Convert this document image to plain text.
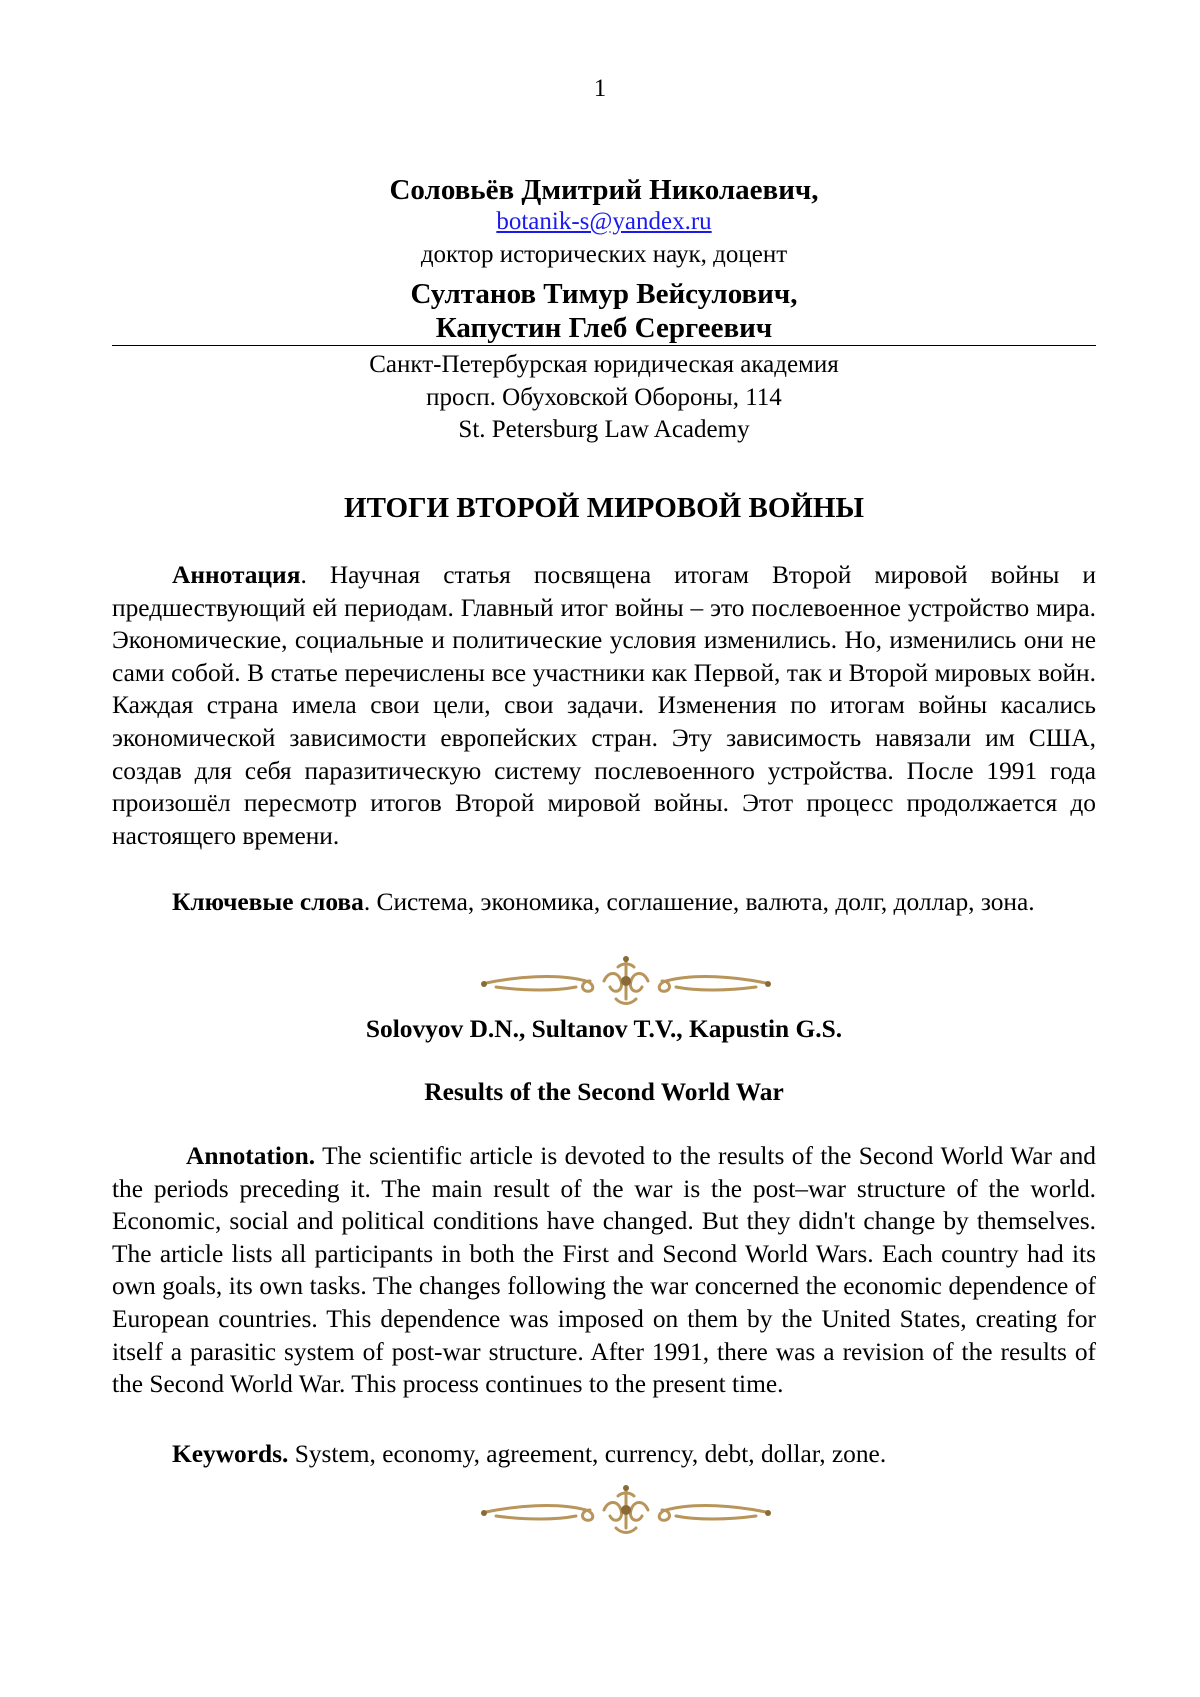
1
Соловьёв Дмитрий Николаевич,
botanik-s@yandex.ru
доктор исторических наук, доцент
Султанов Тимур Вейсулович,
Капустин Глеб Сергеевич
Санкт-Петербурская юридическая академия
просп. Обуховской Обороны, 114
St. Petersburg Law Academy
ИТОГИ ВТОРОЙ МИРОВОЙ ВОЙНЫ
Аннотация. Научная статья посвящена итогам Второй мировой войны и предшествующий ей периодам. Главный итог войны – это послевоенное устройство мира. Экономические, социальные и политические условия изменились. Но, изменились они не сами собой. В статье перечислены все участники как Первой, так и Второй мировых войн. Каждая страна имела свои цели, свои задачи. Изменения по итогам войны касались экономической зависимости европейских стран. Эту зависимость навязали им США, создав для себя паразитическую систему послевоенного устройства. После 1991 года произошёл пересмотр итогов Второй мировой войны. Этот процесс продолжается до настоящего времени.
Ключевые слова. Система, экономика, соглашение, валюта, долг, доллар, зона.
Solovyov D.N., Sultanov T.V., Kapustin G.S.
Results of the Second World War
Annotation. The scientific article is devoted to the results of the Second World War and the periods preceding it. The main result of the war is the post–war structure of the world. Economic, social and political conditions have changed. But they didn't change by themselves. The article lists all participants in both the First and Second World Wars. Each country had its own goals, its own tasks. The changes following the war concerned the economic dependence of European countries. This dependence was imposed on them by the United States, creating for itself a parasitic system of post-war structure. After 1991, there was a revision of the results of the Second World War. This process continues to the present time.
Keywords. System, economy, agreement, currency, debt, dollar, zone.
